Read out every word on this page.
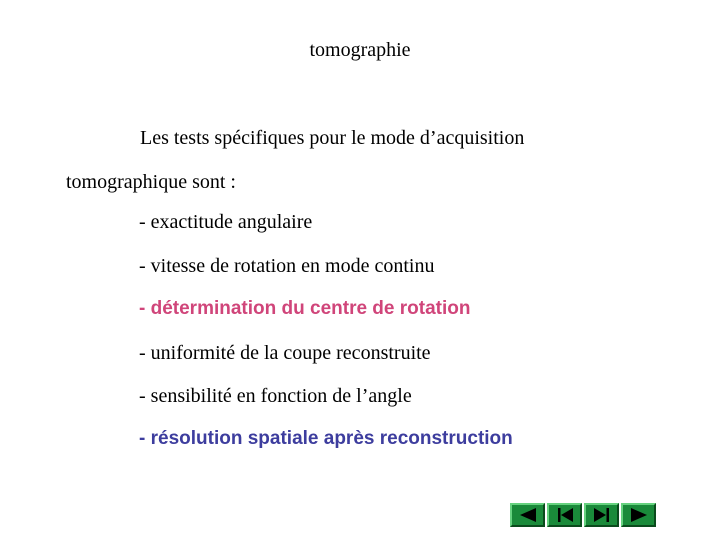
tomographie
Les tests spécifiques pour le mode d’acquisition
tomographique sont :
- exactitude angulaire
- vitesse de rotation en mode continu
- détermination du centre de rotation
- uniformité de la coupe reconstruite
- sensibilité en fonction de l’angle
- résolution spatiale après reconstruction
